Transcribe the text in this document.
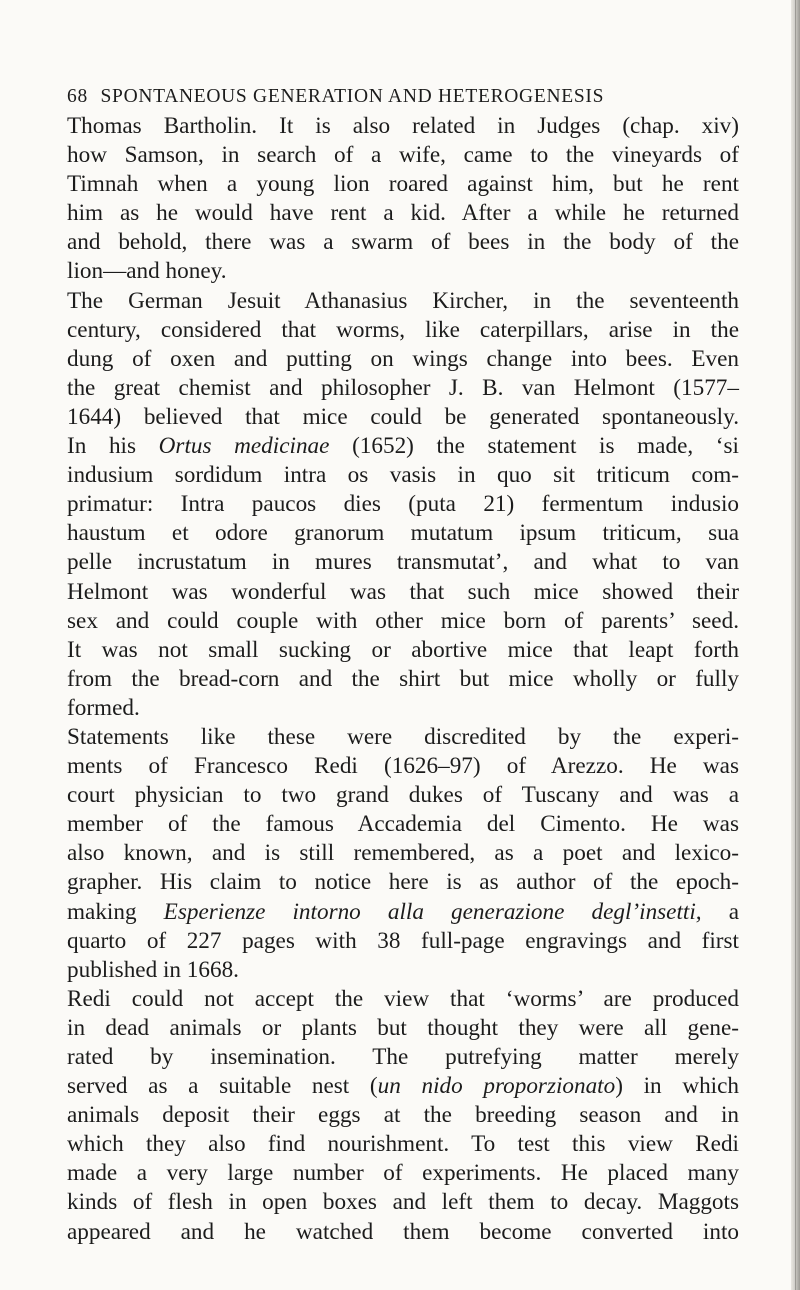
68 SPONTANEOUS GENERATION AND HETEROGENESIS
Thomas Bartholin. It is also related in Judges (chap. xiv)
how Samson, in search of a wife, came to the vineyards of
Timnah when a young lion roared against him, but he rent
him as he would have rent a kid. After a while he returned
and behold, there was a swarm of bees in the body of the
lion—and honey.
The German Jesuit Athanasius Kircher, in the seventeenth
century, considered that worms, like caterpillars, arise in the
dung of oxen and putting on wings change into bees. Even
the great chemist and philosopher J. B. van Helmont (1577–
1644) believed that mice could be generated spontaneously.
In his Ortus medicinae (1652) the statement is made, ‘si
indusium sordidum intra os vasis in quo sit triticum com-
primatur: Intra paucos dies (puta 21) fermentum indusio
haustum et odore granorum mutatum ipsum triticum, sua
pelle incrustatum in mures transmutat’, and what to van
Helmont was wonderful was that such mice showed their
sex and could couple with other mice born of parents’ seed.
It was not small sucking or abortive mice that leapt forth
from the bread-corn and the shirt but mice wholly or fully
formed.
Statements like these were discredited by the experi-
ments of Francesco Redi (1626–97) of Arezzo. He was
court physician to two grand dukes of Tuscany and was a
member of the famous Accademia del Cimento. He was
also known, and is still remembered, as a poet and lexico-
grapher. His claim to notice here is as author of the epoch-
making Esperienze intorno alla generazione degl’insetti, a
quarto of 227 pages with 38 full-page engravings and first
published in 1668.
Redi could not accept the view that ‘worms’ are produced
in dead animals or plants but thought they were all gene-
rated by insemination. The putrefying matter merely
served as a suitable nest (un nido proporzionato) in which
animals deposit their eggs at the breeding season and in
which they also find nourishment. To test this view Redi
made a very large number of experiments. He placed many
kinds of flesh in open boxes and left them to decay. Maggots
appeared and he watched them become converted into
